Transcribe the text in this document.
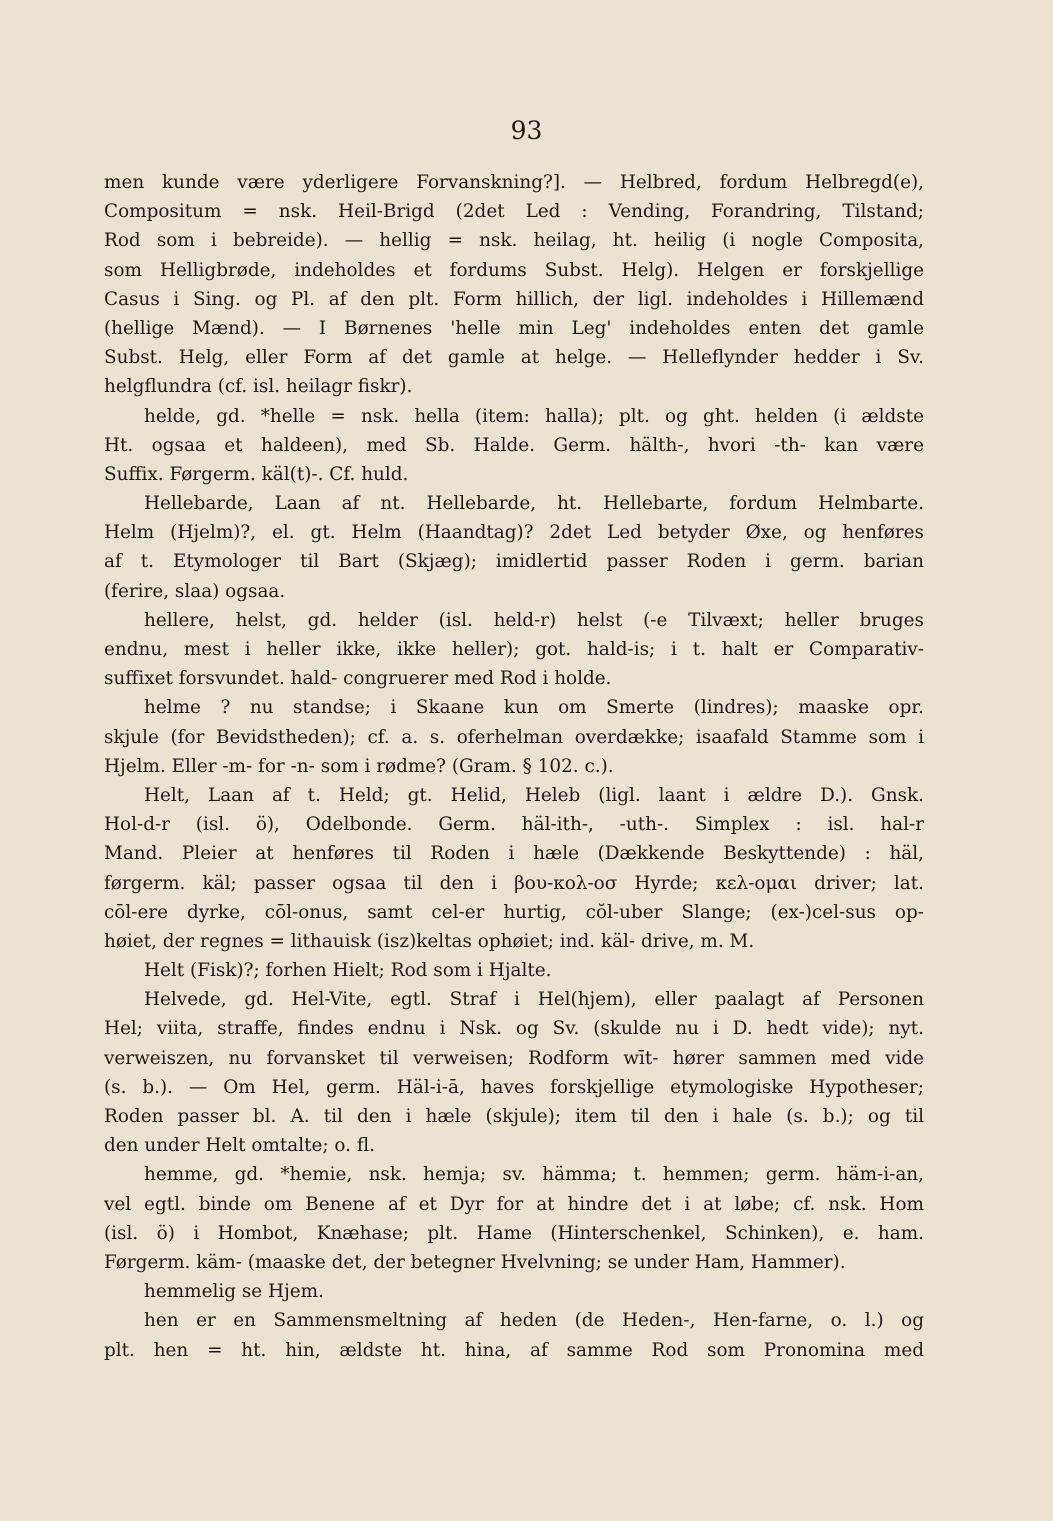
93
men kunde være yderligere Forvanskning?]. — Helbred, fordum Helbregd(e),
Compositum = nsk. Heil-Brigd (2det Led : Vending, Forandring, Tilstand;
Rod som i bebreide). — hellig = nsk. heilag, ht. heilig (i nogle Composita,
som Helligbrøde, indeholdes et fordums Subst. Helg). Helgen er forskjellige
Casus i Sing. og Pl. af den plt. Form hillich, der ligl. indeholdes i Hillemænd
(hellige Mænd). — I Børnenes 'helle min Leg' indeholdes enten det gamle
Subst. Helg, eller Form af det gamle at helge. — Helleflynder hedder i Sv.
helgflundra (cf. isl. heilagr fiskr).
helde, gd. *helle = nsk. hella (item: halla); plt. og ght. helden (i ældste
Ht. ogsaa et haldeen), med Sb. Halde. Germ. hälth-, hvori -th- kan være
Suffix. Førgerm. käl(t)-. Cf. huld.
Hellebarde, Laan af nt. Hellebarde, ht. Hellebarte, fordum Helmbarte.
Helm (Hjelm)?, el. gt. Helm (Haandtag)? 2det Led betyder Øxe, og henføres
af t. Etymologer til Bart (Skjæg); imidlertid passer Roden i germ. barian
(ferire, slaa) ogsaa.
hellere, helst, gd. helder (isl. held-r) helst (-e Tilvæxt; heller bruges
endnu, mest i heller ikke, ikke heller); got. hald-is; i t. halt er Comparativ-
suffixet forsvundet. hald- congruerer med Rod i holde.
helme ? nu standse; i Skaane kun om Smerte (lindres); maaske opr.
skjule (for Bevidstheden); cf. a. s. oferhelman overdække; isaafald Stamme som i
Hjelm. Eller -m- for -n- som i rødme? (Gram. § 102. c.).
Helt, Laan af t. Held; gt. Helid, Heleb (ligl. laant i ældre D.). Gnsk.
Hol-d-r (isl. ö), Odelbonde. Germ. häl-ith-, -uth-. Simplex : isl. hal-r
Mand. Pleier at henføres til Roden i hæle (Dækkende Beskyttende) : häl,
førgerm. käl; passer ogsaa til den i βου-κολ-οσ Hyrde; κελ-ομαι driver; lat.
cōl-ere dyrke, cōl-onus, samt cel-er hurtig, cŏl-uber Slange; (ex-)cel-sus op-
høiet, der regnes = lithauisk (isz)keltas ophøiet; ind. käl- drive, m. M.
Helt (Fisk)?; forhen Hielt; Rod som i Hjalte.
Helvede, gd. Hel-Vite, egtl. Straf i Hel(hjem), eller paalagt af Personen
Hel; viita, straffe, findes endnu i Nsk. og Sv. (skulde nu i D. hedt vide); nyt.
verweiszen, nu forvansket til verweisen; Rodform wīt- hører sammen med vide
(s. b.). — Om Hel, germ. Häl-i-ā, haves forskjellige etymologiske Hypotheser;
Roden passer bl. A. til den i hæle (skjule); item til den i hale (s. b.); og til
den under Helt omtalte; o. fl.
hemme, gd. *hemie, nsk. hemja; sv. hämma; t. hemmen; germ. häm-i-an,
vel egtl. binde om Benene af et Dyr for at hindre det i at løbe; cf. nsk. Hom
(isl. ö) i Hombot, Knæhase; plt. Hame (Hinterschenkel, Schinken), e. ham.
Førgerm. käm- (maaske det, der betegner Hvelvning; se under Ham, Hammer).
hemmelig se Hjem.
hen er en Sammensmeltning af heden (de Heden-, Hen-farne, o. l.) og
plt. hen = ht. hin, ældste ht. hina, af samme Rod som Pronomina med
